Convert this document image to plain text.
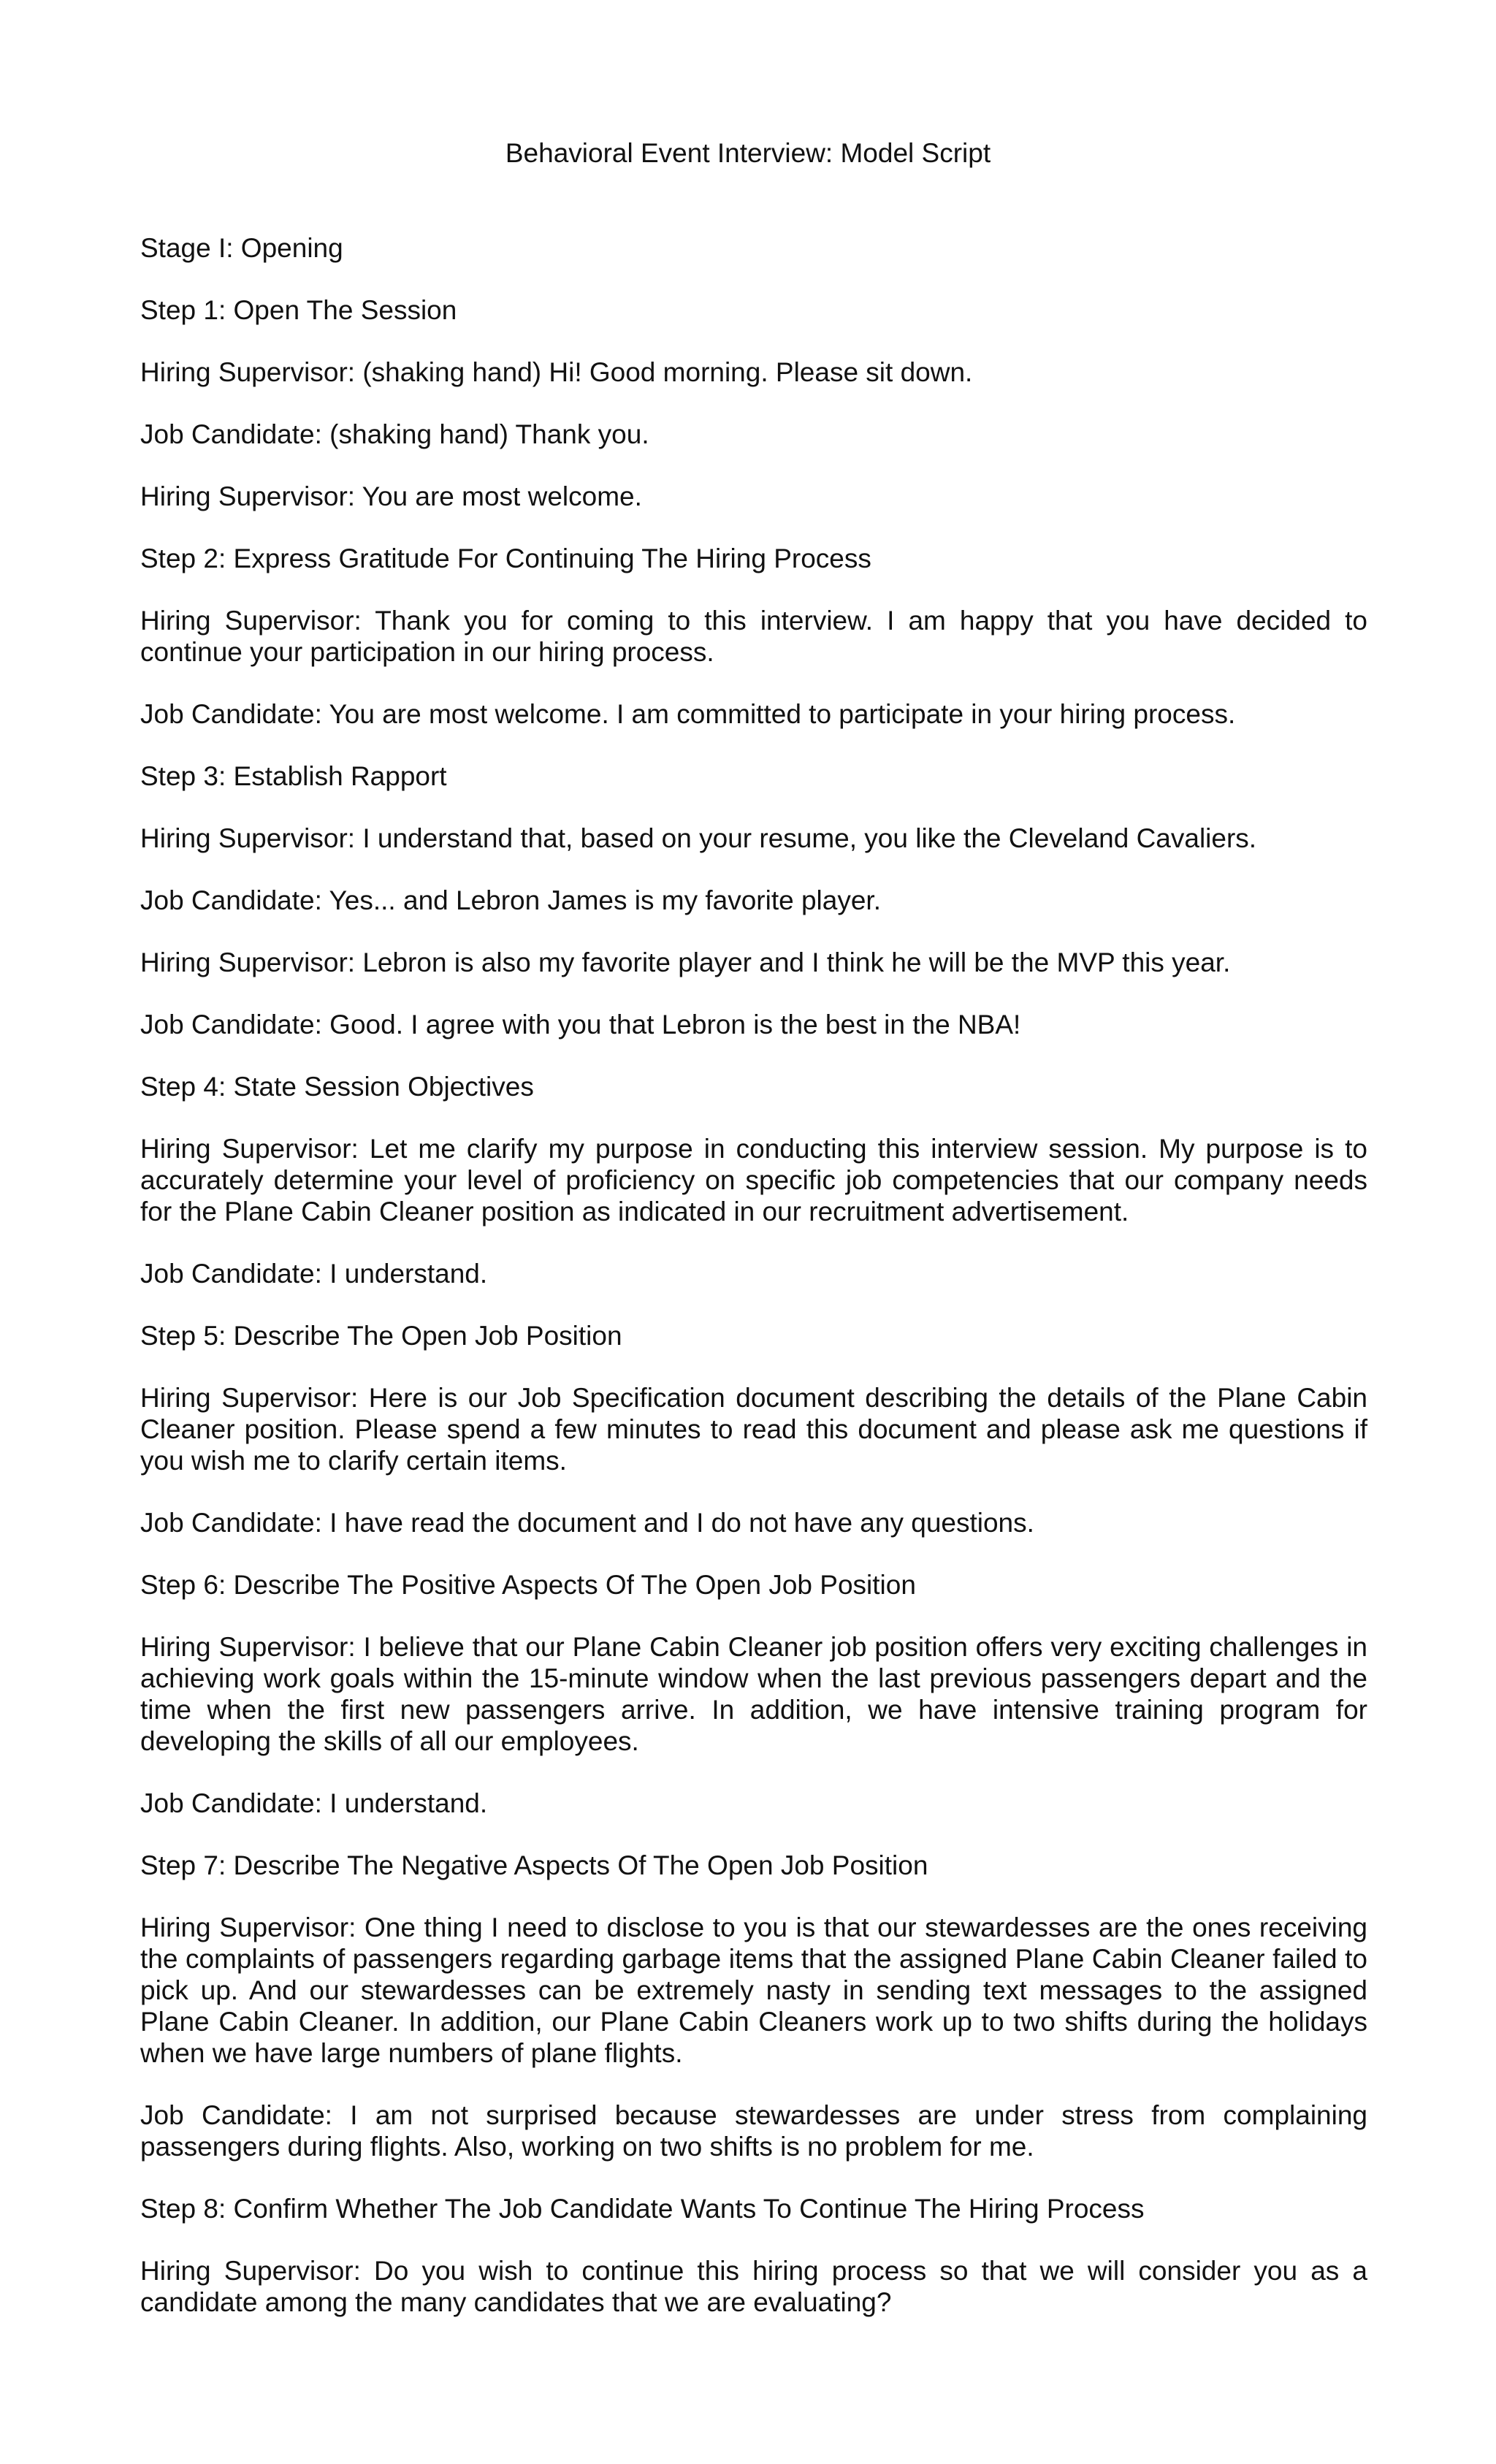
Behavioral Event Interview: Model Script

Stage I: Opening

Step 1: Open The Session

Hiring Supervisor: (shaking hand) Hi! Good morning. Please sit down.

Job Candidate: (shaking hand) Thank you.

Hiring Supervisor: You are most welcome.

Step 2: Express Gratitude For Continuing The Hiring Process

Hiring Supervisor: Thank you for coming to this interview. I am happy that you have decided to continue your participation in our hiring process.

Job Candidate: You are most welcome. I am committed to participate in your hiring process.

Step 3: Establish Rapport

Hiring Supervisor: I understand that, based on your resume, you like the Cleveland Cavaliers.

Job Candidate: Yes... and Lebron James is my favorite player.

Hiring Supervisor: Lebron is also my favorite player and I think he will be the MVP this year.

Job Candidate: Good. I agree with you that Lebron is the best in the NBA!

Step 4: State Session Objectives

Hiring Supervisor: Let me clarify my purpose in conducting this interview session. My purpose is to accurately determine your level of proficiency on specific job competencies that our company needs for the Plane Cabin Cleaner position as indicated in our recruitment advertisement.

Job Candidate: I understand.

Step 5: Describe The Open Job Position

Hiring Supervisor: Here is our Job Specification document describing the details of the Plane Cabin Cleaner position. Please spend a few minutes to read this document and please ask me questions if you wish me to clarify certain items.

Job Candidate: I have read the document and I do not have any questions.

Step 6: Describe The Positive Aspects Of The Open Job Position

Hiring Supervisor: I believe that our Plane Cabin Cleaner job position offers very exciting challenges in achieving work goals within the 15-minute window when the last previous passengers depart and the time when the first new passengers arrive. In addition, we have intensive training program for developing the skills of all our employees.

Job Candidate: I understand.

Step 7: Describe The Negative Aspects Of The Open Job Position

Hiring Supervisor: One thing I need to disclose to you is that our stewardesses are the ones receiving the complaints of passengers regarding garbage items that the assigned Plane Cabin Cleaner failed to pick up. And our stewardesses can be extremely nasty in sending text messages to the assigned Plane Cabin Cleaner. In addition, our Plane Cabin Cleaners work up to two shifts during the holidays when we have large numbers of plane flights.

Job Candidate: I am not surprised because stewardesses are under stress from complaining passengers during flights. Also, working on two shifts is no problem for me.

Step 8: Confirm Whether The Job Candidate Wants To Continue The Hiring Process

Hiring Supervisor: Do you wish to continue this hiring process so that we will consider you as a candidate among the many candidates that we are evaluating?
